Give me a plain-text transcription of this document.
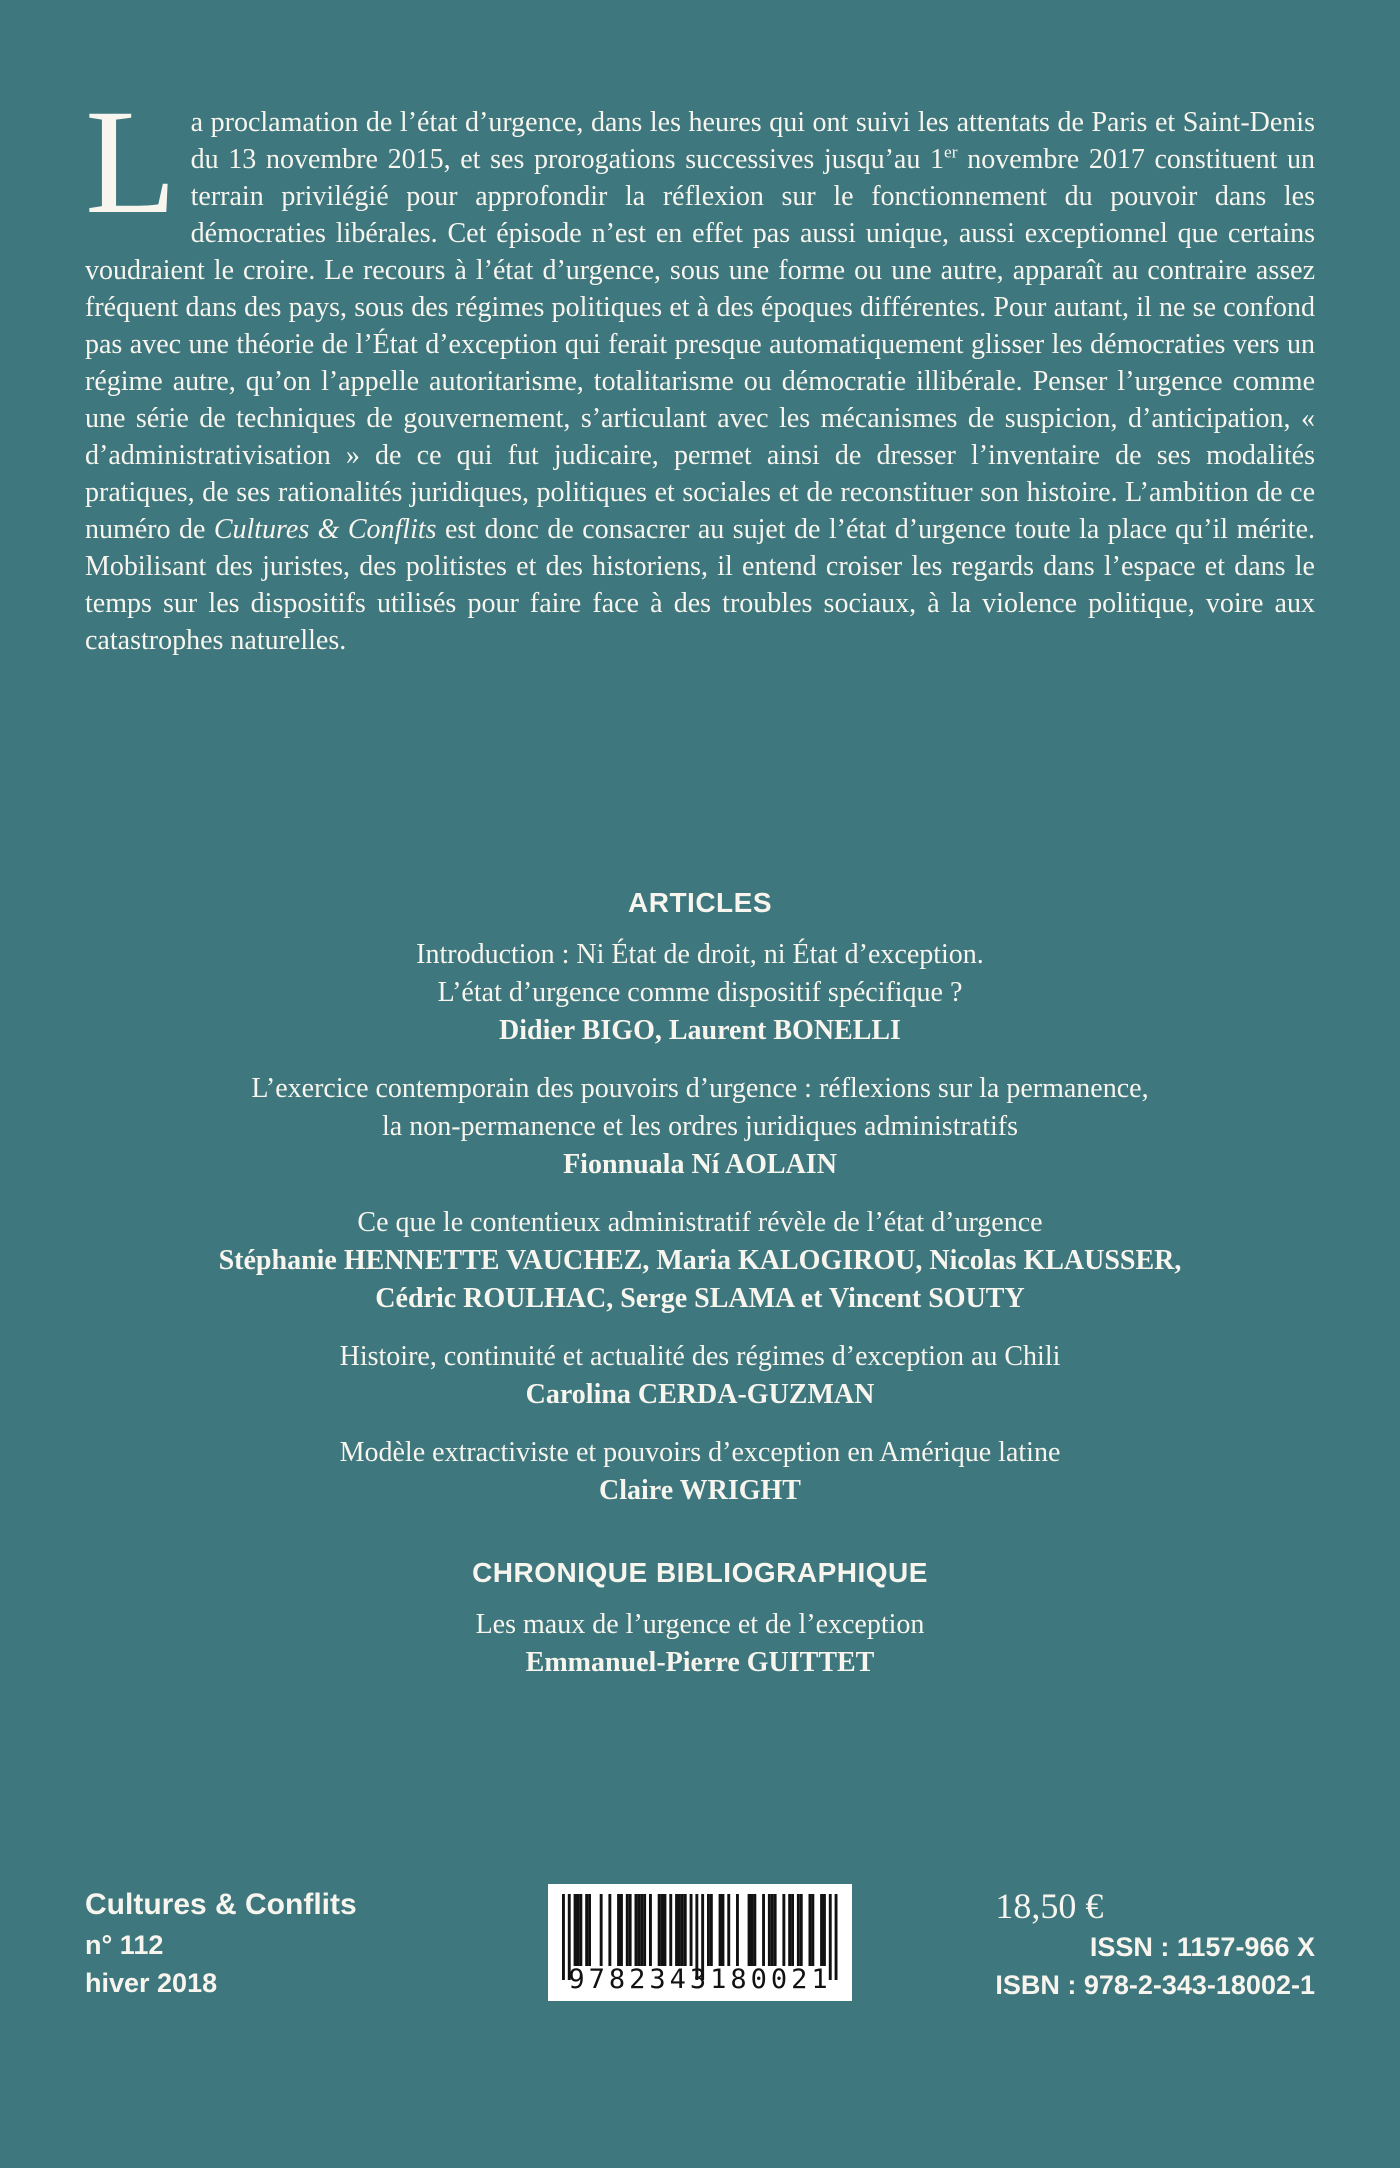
La proclamation de l’état d’urgence, dans les heures qui ont suivi les attentats de Paris et Saint-Denis du 13 novembre 2015, et ses prorogations successives jusqu’au 1er novembre 2017 constituent un terrain privilégié pour approfondir la réflexion sur le fonctionnement du pouvoir dans les démocraties libérales. Cet épisode n’est en effet pas aussi unique, aussi exceptionnel que certains voudraient le croire. Le recours à l’état d’urgence, sous une forme ou une autre, apparaît au contraire assez fréquent dans des pays, sous des régimes politiques et à des époques différentes. Pour autant, il ne se confond pas avec une théorie de l’État d’exception qui ferait presque automatiquement glisser les démocraties vers un régime autre, qu’on l’appelle autoritarisme, totalitarisme ou démocratie illibérale. Penser l’urgence comme une série de techniques de gouvernement, s’articulant avec les mécanismes de suspicion, d’anticipation, « d’administrativisation » de ce qui fut judicaire, permet ainsi de dresser l’inventaire de ses modalités pratiques, de ses rationalités juridiques, politiques et sociales et de reconstituer son histoire. L’ambition de ce numéro de Cultures & Conflits est donc de consacrer au sujet de l’état d’urgence toute la place qu’il mérite. Mobilisant des juristes, des politistes et des historiens, il entend croiser les regards dans l’espace et dans le temps sur les dispositifs utilisés pour faire face à des troubles sociaux, à la violence politique, voire aux catastrophes naturelles.
ARTICLES
Introduction : Ni État de droit, ni État d’exception.
L’état d’urgence comme dispositif spécifique ?
Didier BIGO, Laurent BONELLI
L’exercice contemporain des pouvoirs d’urgence : réflexions sur la permanence,
la non-permanence et les ordres juridiques administratifs
Fionnuala Ní AOLAIN
Ce que le contentieux administratif révèle de l’état d’urgence
Stéphanie HENNETTE VAUCHEZ, Maria KALOGIROU, Nicolas KLAUSSER,
Cédric ROULHAC, Serge SLAMA et Vincent SOUTY
Histoire, continuité et actualité des régimes d’exception au Chili
Carolina CERDA-GUZMAN
Modèle extractiviste et pouvoirs d’exception en Amérique latine
Claire WRIGHT
CHRONIQUE BIBLIOGRAPHIQUE
Les maux de l’urgence et de l’exception
Emmanuel-Pierre GUITTET
Cultures & Conflits
n° 112
hiver 2018	9782343180021
18,50 €
ISSN : 1157-966 X
ISBN : 978-2-343-18002-1
